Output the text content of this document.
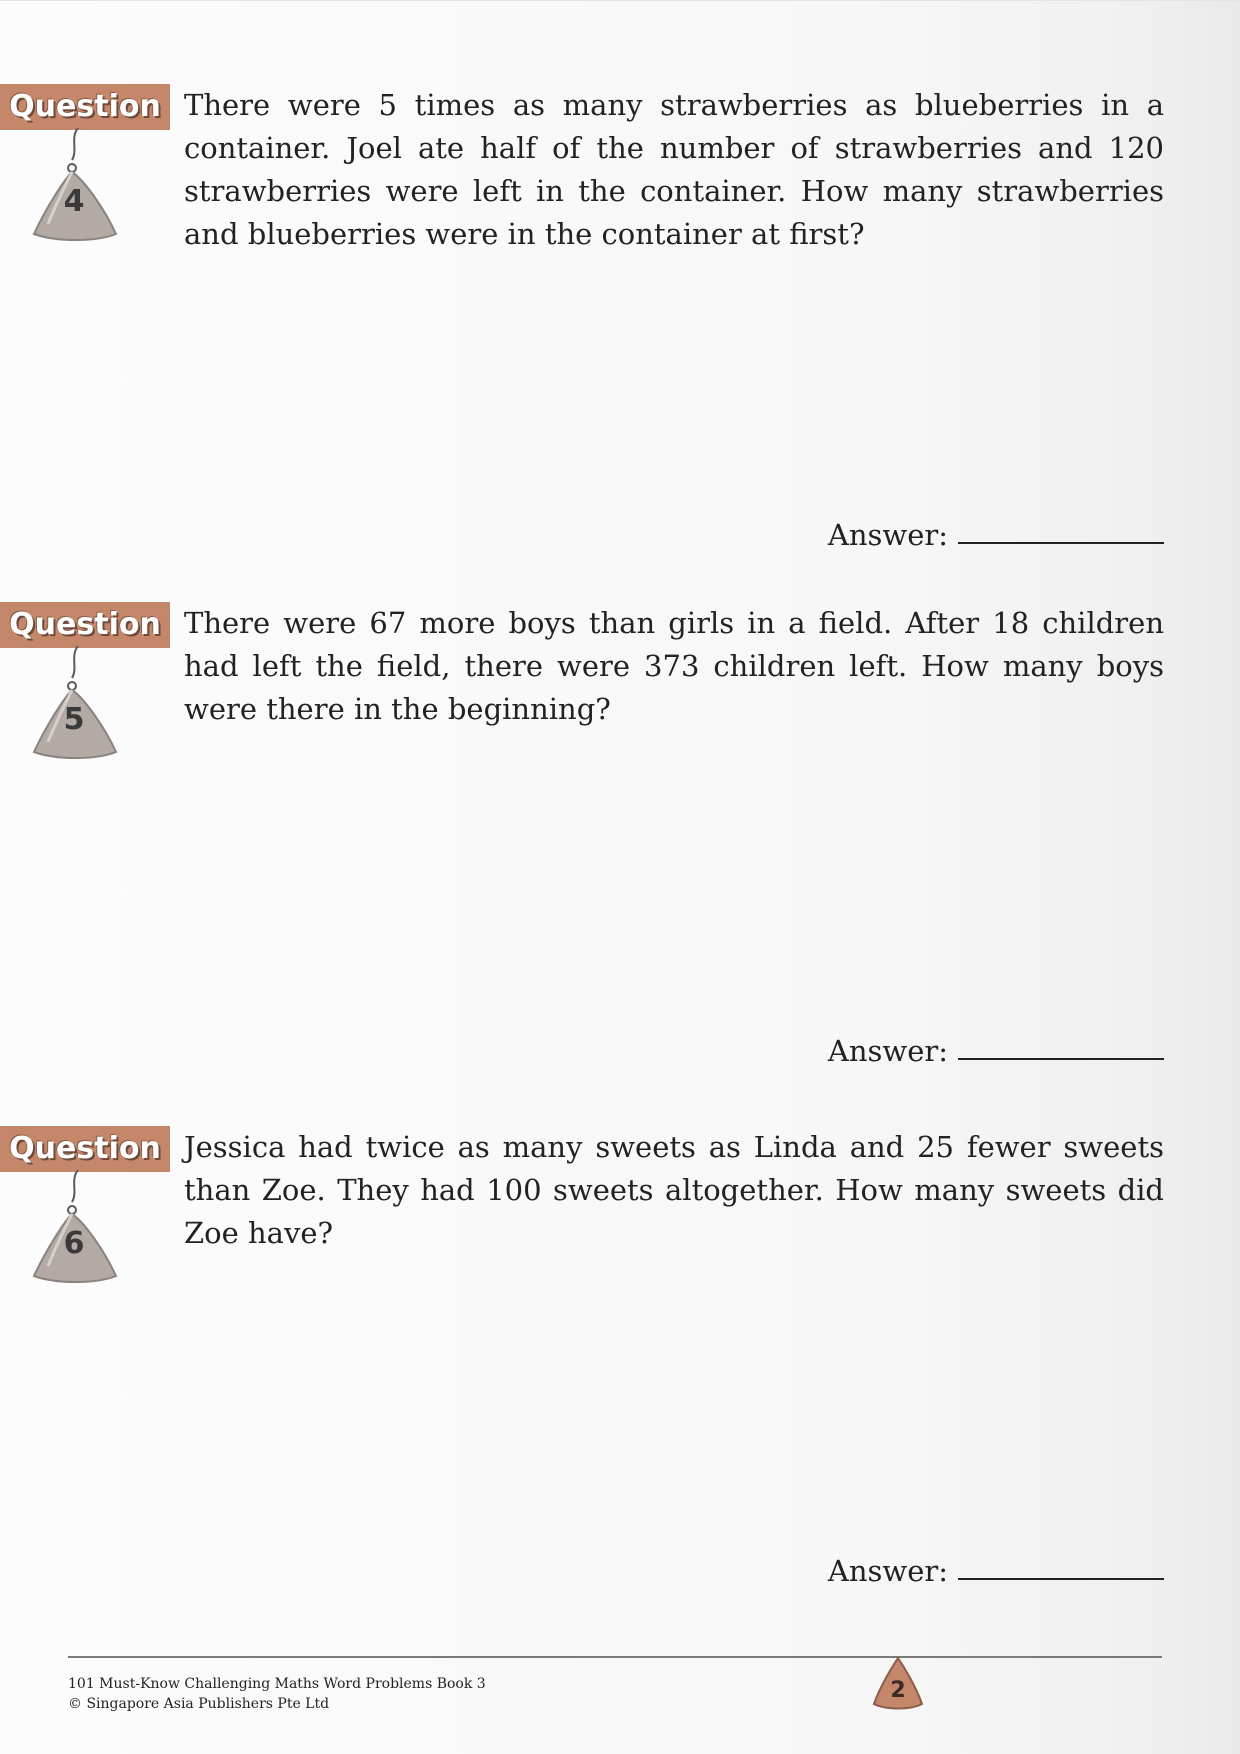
Question
4

There were 5 times as many strawberries as blueberries in a container. Joel ate half of the number of strawberries and 120 strawberries were left in the container. How many strawberries and blueberries were in the container at first?

Answer:
Question
5

There were 67 more boys than girls in a field. After 18 children had left the field, there were 373 children left. How many boys were there in the beginning?

Answer:
Question
6

Jessica had twice as many sweets as Linda and 25 fewer sweets than Zoe. They had 100 sweets altogether. How many sweets did Zoe have?

Answer:
101 Must-Know Challenging Maths Word Problems Book 3
© Singapore Asia Publishers Pte Ltd
2
